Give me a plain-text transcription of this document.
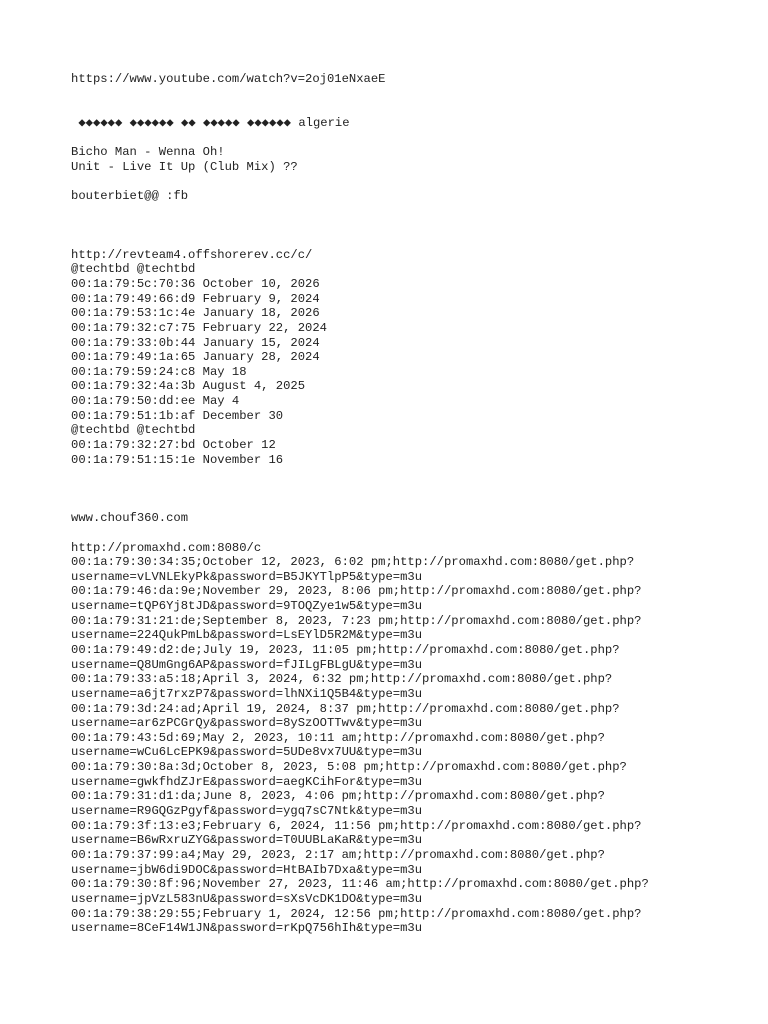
https://www.youtube.com/watch?v=2oj01eNxaeE
◆◆◆◆◆◆ ◆◆◆◆◆◆ ◆◆ ◆◆◆◆◆ ◆◆◆◆◆◆ algerie
Bicho Man - Wenna Oh!
Unit - Live It Up (Club Mix) ??
bouterbiet@@ :fb
http://revteam4.offshorerev.cc/c/
@techtbd @techtbd
00:1a:79:5c:70:36 October 10, 2026
00:1a:79:49:66:d9 February 9, 2024
00:1a:79:53:1c:4e January 18, 2026
00:1a:79:32:c7:75 February 22, 2024
00:1a:79:33:0b:44 January 15, 2024
00:1a:79:49:1a:65 January 28, 2024
00:1a:79:59:24:c8 May 18
00:1a:79:32:4a:3b August 4, 2025
00:1a:79:50:dd:ee May 4
00:1a:79:51:1b:af December 30
@techtbd @techtbd
00:1a:79:32:27:bd October 12
00:1a:79:51:15:1e November 16
www.chouf360.com
http://promaxhd.com:8080/c
00:1a:79:30:34:35;October 12, 2023, 6:02 pm;http://promaxhd.com:8080/get.php?
username=vLVNLEkyPk&password=B5JKYTlpP5&type=m3u
00:1a:79:46:da:9e;November 29, 2023, 8:06 pm;http://promaxhd.com:8080/get.php?
username=tQP6Yj8tJD&password=9TOQZye1w5&type=m3u
00:1a:79:31:21:de;September 8, 2023, 7:23 pm;http://promaxhd.com:8080/get.php?
username=224QukPmLb&password=LsEYlD5R2M&type=m3u
00:1a:79:49:d2:de;July 19, 2023, 11:05 pm;http://promaxhd.com:8080/get.php?
username=Q8UmGng6AP&password=fJILgFBLgU&type=m3u
00:1a:79:33:a5:18;April 3, 2024, 6:32 pm;http://promaxhd.com:8080/get.php?
username=a6jt7rxzP7&password=lhNXi1Q5B4&type=m3u
00:1a:79:3d:24:ad;April 19, 2024, 8:37 pm;http://promaxhd.com:8080/get.php?
username=ar6zPCGrQy&password=8ySzOOTTwv&type=m3u
00:1a:79:43:5d:69;May 2, 2023, 10:11 am;http://promaxhd.com:8080/get.php?
username=wCu6LcEPK9&password=5UDe8vx7UU&type=m3u
00:1a:79:30:8a:3d;October 8, 2023, 5:08 pm;http://promaxhd.com:8080/get.php?
username=gwkfhdZJrE&password=aegKCihFor&type=m3u
00:1a:79:31:d1:da;June 8, 2023, 4:06 pm;http://promaxhd.com:8080/get.php?
username=R9GQGzPgyf&password=ygq7sC7Ntk&type=m3u
00:1a:79:3f:13:e3;February 6, 2024, 11:56 pm;http://promaxhd.com:8080/get.php?
username=B6wRxruZYG&password=T0UUBLaKaR&type=m3u
00:1a:79:37:99:a4;May 29, 2023, 2:17 am;http://promaxhd.com:8080/get.php?
username=jbW6di9DOC&password=HtBAIb7Dxa&type=m3u
00:1a:79:30:8f:96;November 27, 2023, 11:46 am;http://promaxhd.com:8080/get.php?
username=jpVzL583nU&password=sXsVcDK1DO&type=m3u
00:1a:79:38:29:55;February 1, 2024, 12:56 pm;http://promaxhd.com:8080/get.php?
username=8CeF14W1JN&password=rKpQ756hIh&type=m3u
